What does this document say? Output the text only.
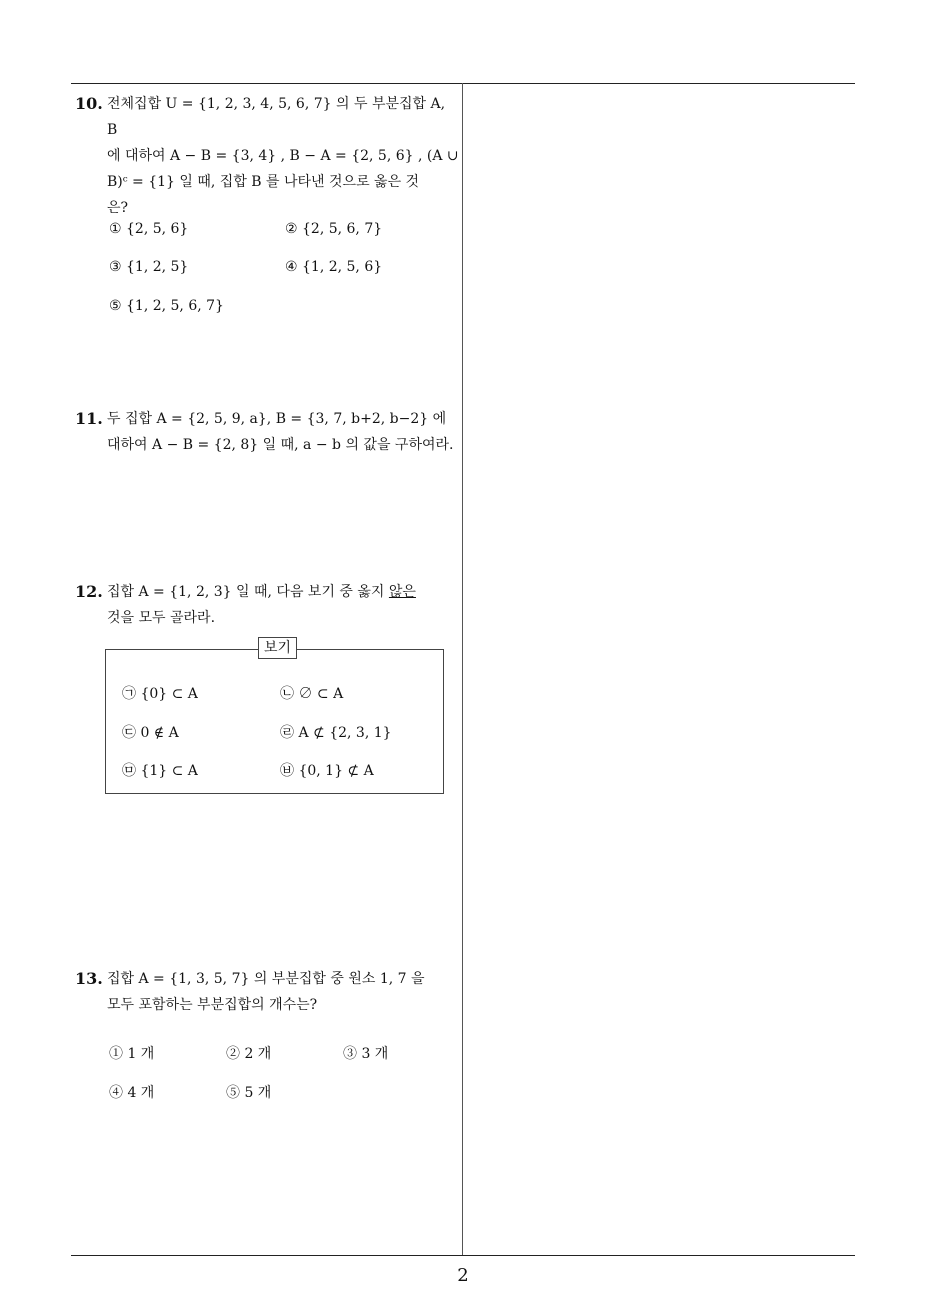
10. 전체집합 U = {1, 2, 3, 4, 5, 6, 7} 의 두 부분집합 A, B
에 대하여 A − B = {3, 4} , B − A = {2, 5, 6} , (A ∪
B)ᶜ = {1} 일 때, 집합 B 를 나타낸 것으로 옳은 것
은?
① {2, 5, 6}	② {2, 5, 6, 7}
③ {1, 2, 5}	④ {1, 2, 5, 6}
⑤ {1, 2, 5, 6, 7}
11. 두 집합 A = {2, 5, 9, a}, B = {3, 7, b+2, b−2} 에
대하여 A − B = {2, 8} 일 때, a − b 의 값을 구하여라.
12. 집합 A = {1, 2, 3} 일 때, 다음 보기 중 옳지 않은
것을 모두 골라라.
보기
㉠ {0} ⊂ A	㉡ ∅ ⊂ A
㉢ 0 ∉ A	㉣ A ⊄ {2, 3, 1}
㉤ {1} ⊂ A	㉥ {0, 1} ⊄ A
13. 집합 A = {1, 3, 5, 7} 의 부분집합 중 원소 1, 7 을
모두 포함하는 부분집합의 개수는?
① 1 개	② 2 개	③ 3 개
④ 4 개	⑤ 5 개
2
